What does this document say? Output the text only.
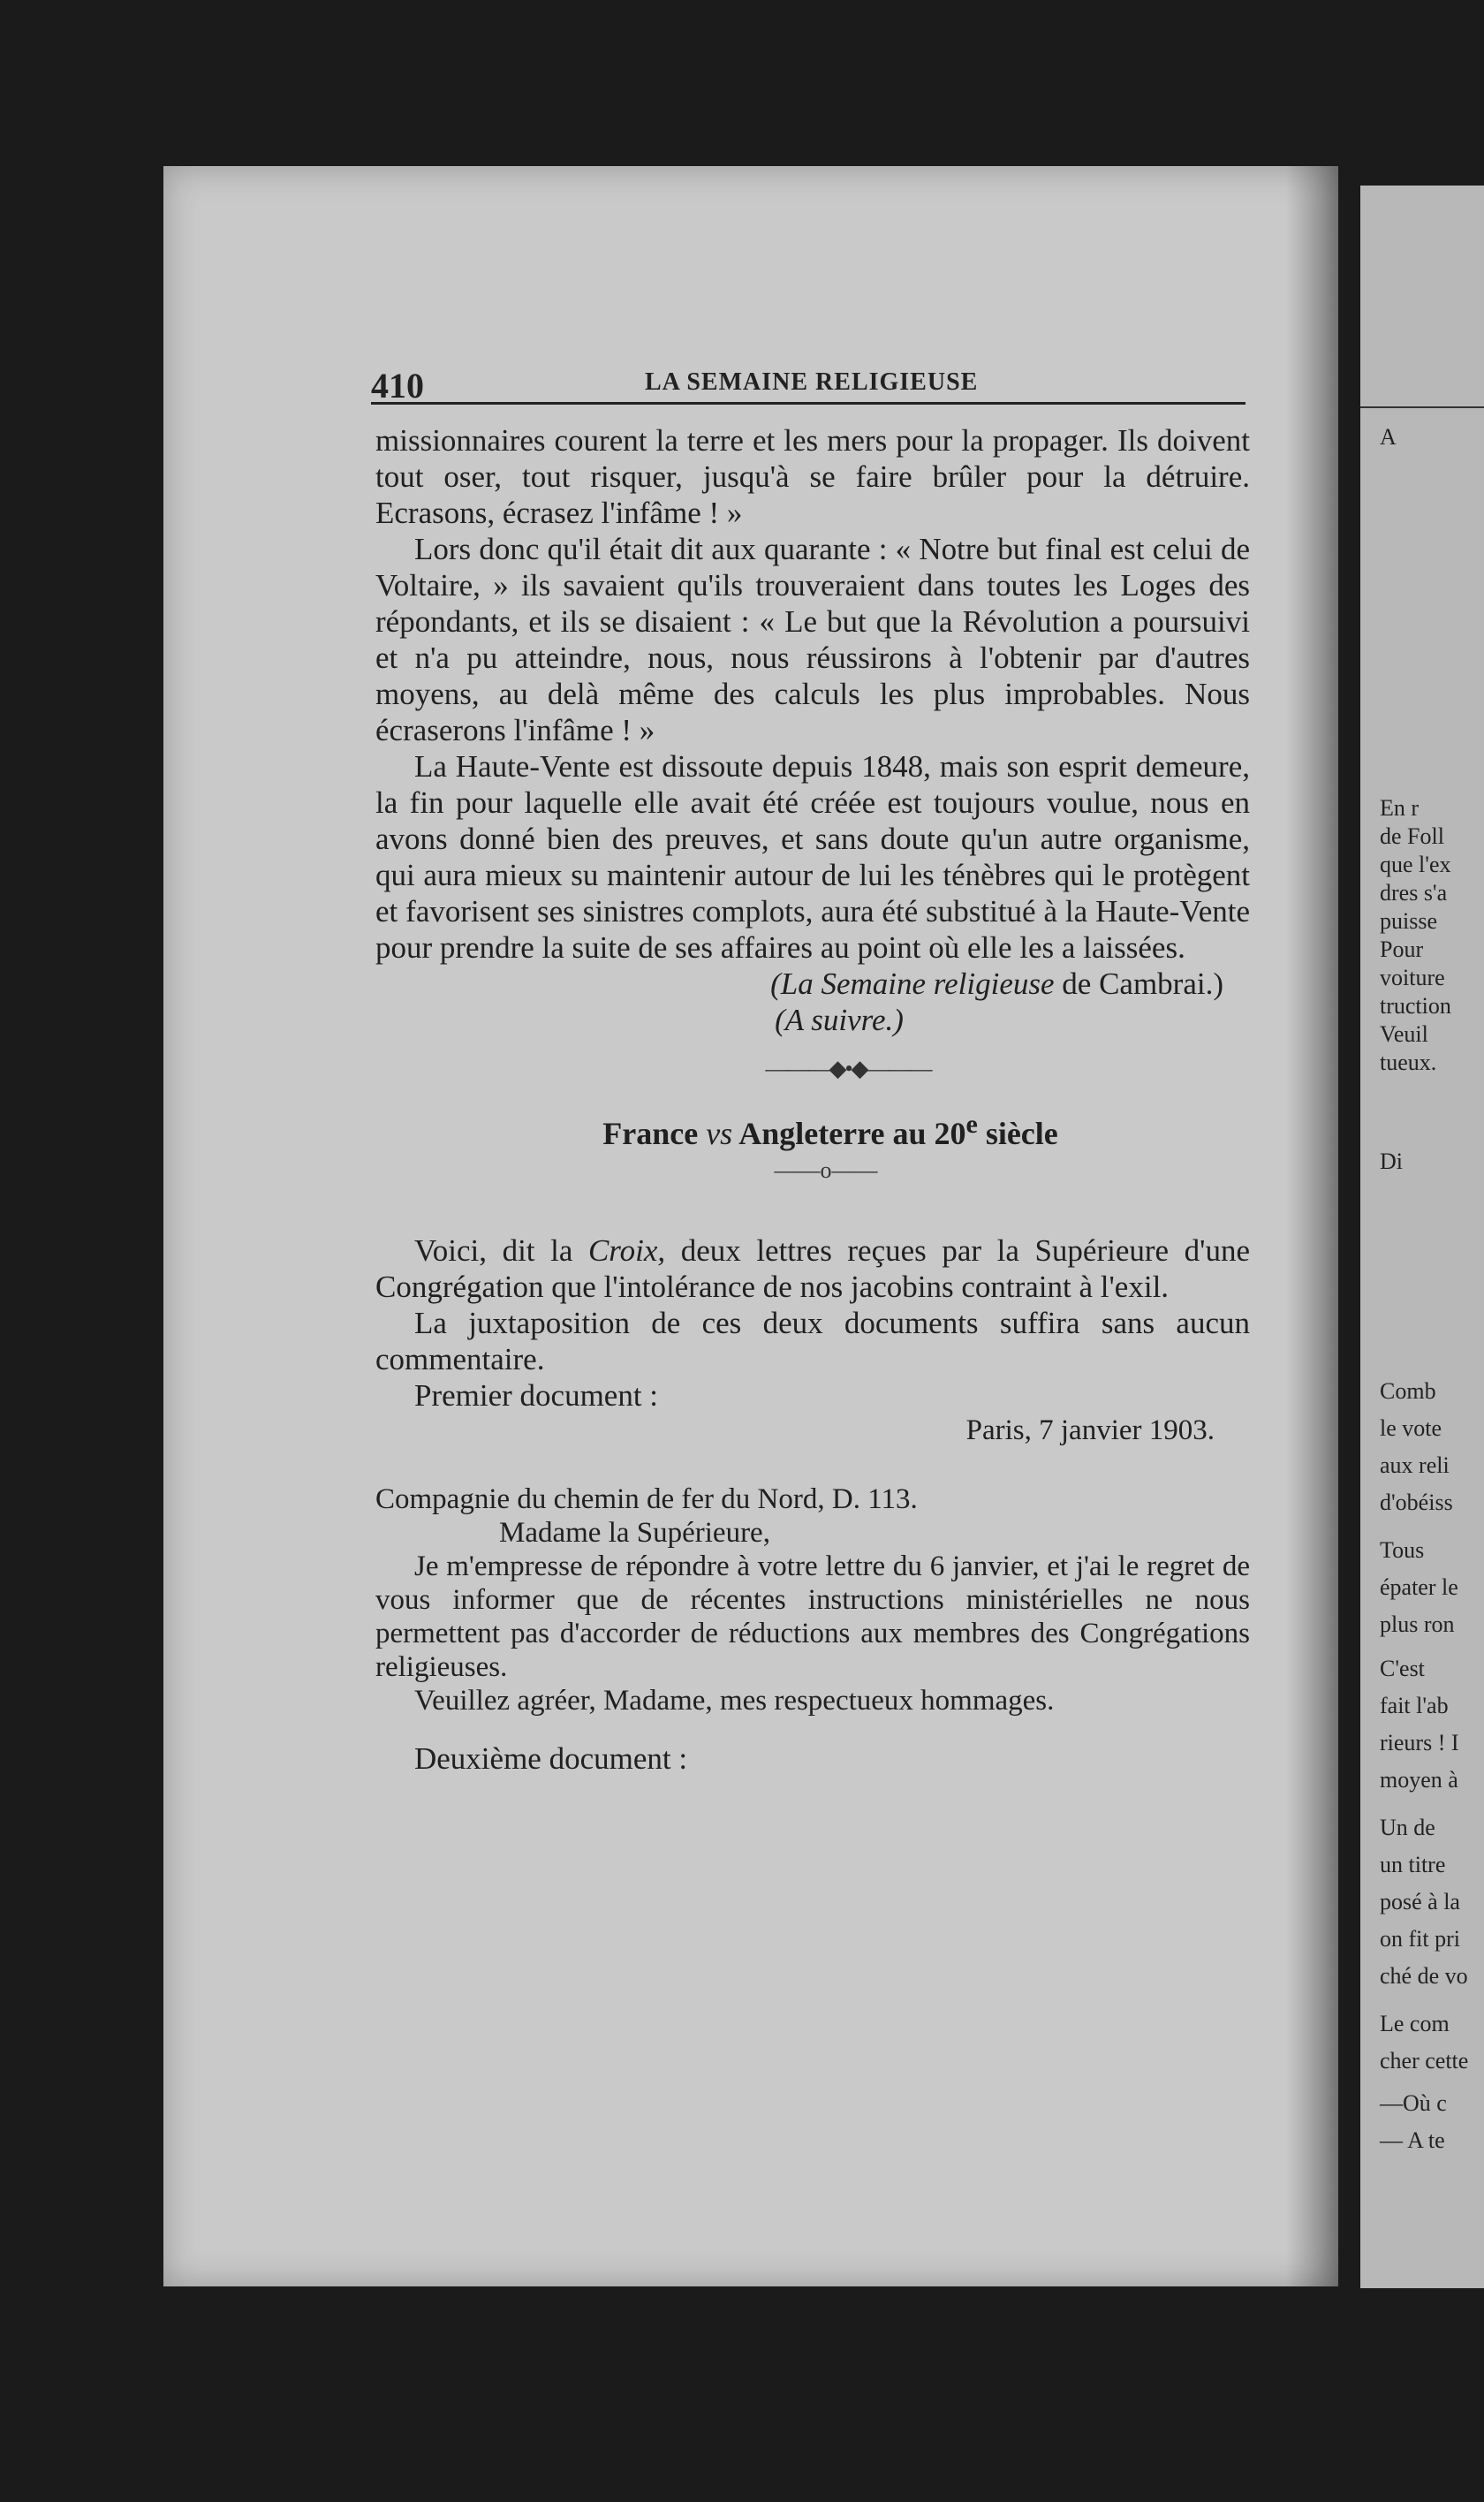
410	LA SEMAINE RELIGIEUSE

missionnaires courent la terre et les mers pour la propager. Ils doivent tout oser, tout risquer, jusqu'à se faire brûler pour la détruire. Ecrasons, écrasez l'infâme ! »

Lors donc qu'il était dit aux quarante : « Notre but final est celui de Voltaire, » ils savaient qu'ils trouveraient dans toutes les Loges des répondants, et ils se disaient : « Le but que la Révolution a poursuivi et n'a pu atteindre, nous, nous réussirons à l'obtenir par d'autres moyens, au delà même des calculs les plus improbables. Nous écraserons l'infâme ! »

La Haute-Vente est dissoute depuis 1848, mais son esprit demeure, la fin pour laquelle elle avait été créée est toujours voulue, nous en avons donné bien des preuves, et sans doute qu'un autre organisme, qui aura mieux su maintenir autour de lui les ténèbres qui le protègent et favorisent ses sinistres complots, aura été substitué à la Haute-Vente pour prendre la suite de ses affaires au point où elle les a laissées.

(La Semaine religieuse de Cambrai.)

(A suivre.)

———◆•◆———

France vs Angleterre au 20e siècle

——o——

Voici, dit la Croix, deux lettres reçues par la Supérieure d'une Congrégation que l'intolérance de nos jacobins contraint à l'exil.

La juxtaposition de ces deux documents suffira sans aucun commentaire.

Premier document :

Paris, 7 janvier 1903.

Compagnie du chemin de fer du Nord, D. 113.

Madame la Supérieure,

Je m'empresse de répondre à votre lettre du 6 janvier, et j'ai le regret de vous informer que de récentes instructions ministérielles ne nous permettent pas d'accorder de réductions aux membres des Congrégations religieuses.

Veuillez agréer, Madame, mes respectueux hommages.

Deuxième document :

A
En r
de Foll
que l'ex
dres s'a
puisse
Pour
voiture
truction
Veuil
tueux.
Di
Comb
le vote
aux reli
d'obéiss
Tous
épater le
plus ron
C'est
fait l'ab
rieurs ! I
moyen à
Un de
un titre
posé à la
on fit pri
ché de vo
Le com
cher cette
—Où c
— A te
